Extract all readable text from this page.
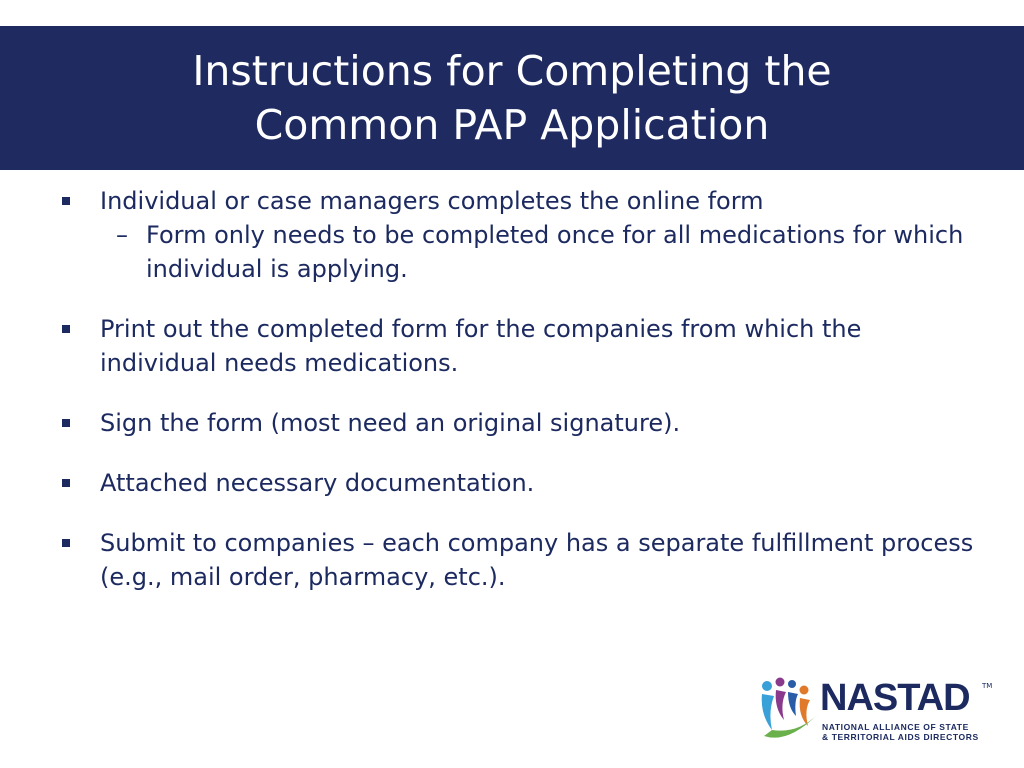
Instructions for Completing the
Common PAP Application
Individual or case managers completes the online form
– Form only needs to be completed once for all medications for which individual is applying.
Print out the completed form for the companies from which the individual needs medications.
Sign the form (most need an original signature).
Attached necessary documentation.
Submit to companies – each company has a separate fulfillment process (e.g., mail order, pharmacy, etc.).
NASTAD TM
NATIONAL ALLIANCE OF STATE
& TERRITORIAL AIDS DIRECTORS
